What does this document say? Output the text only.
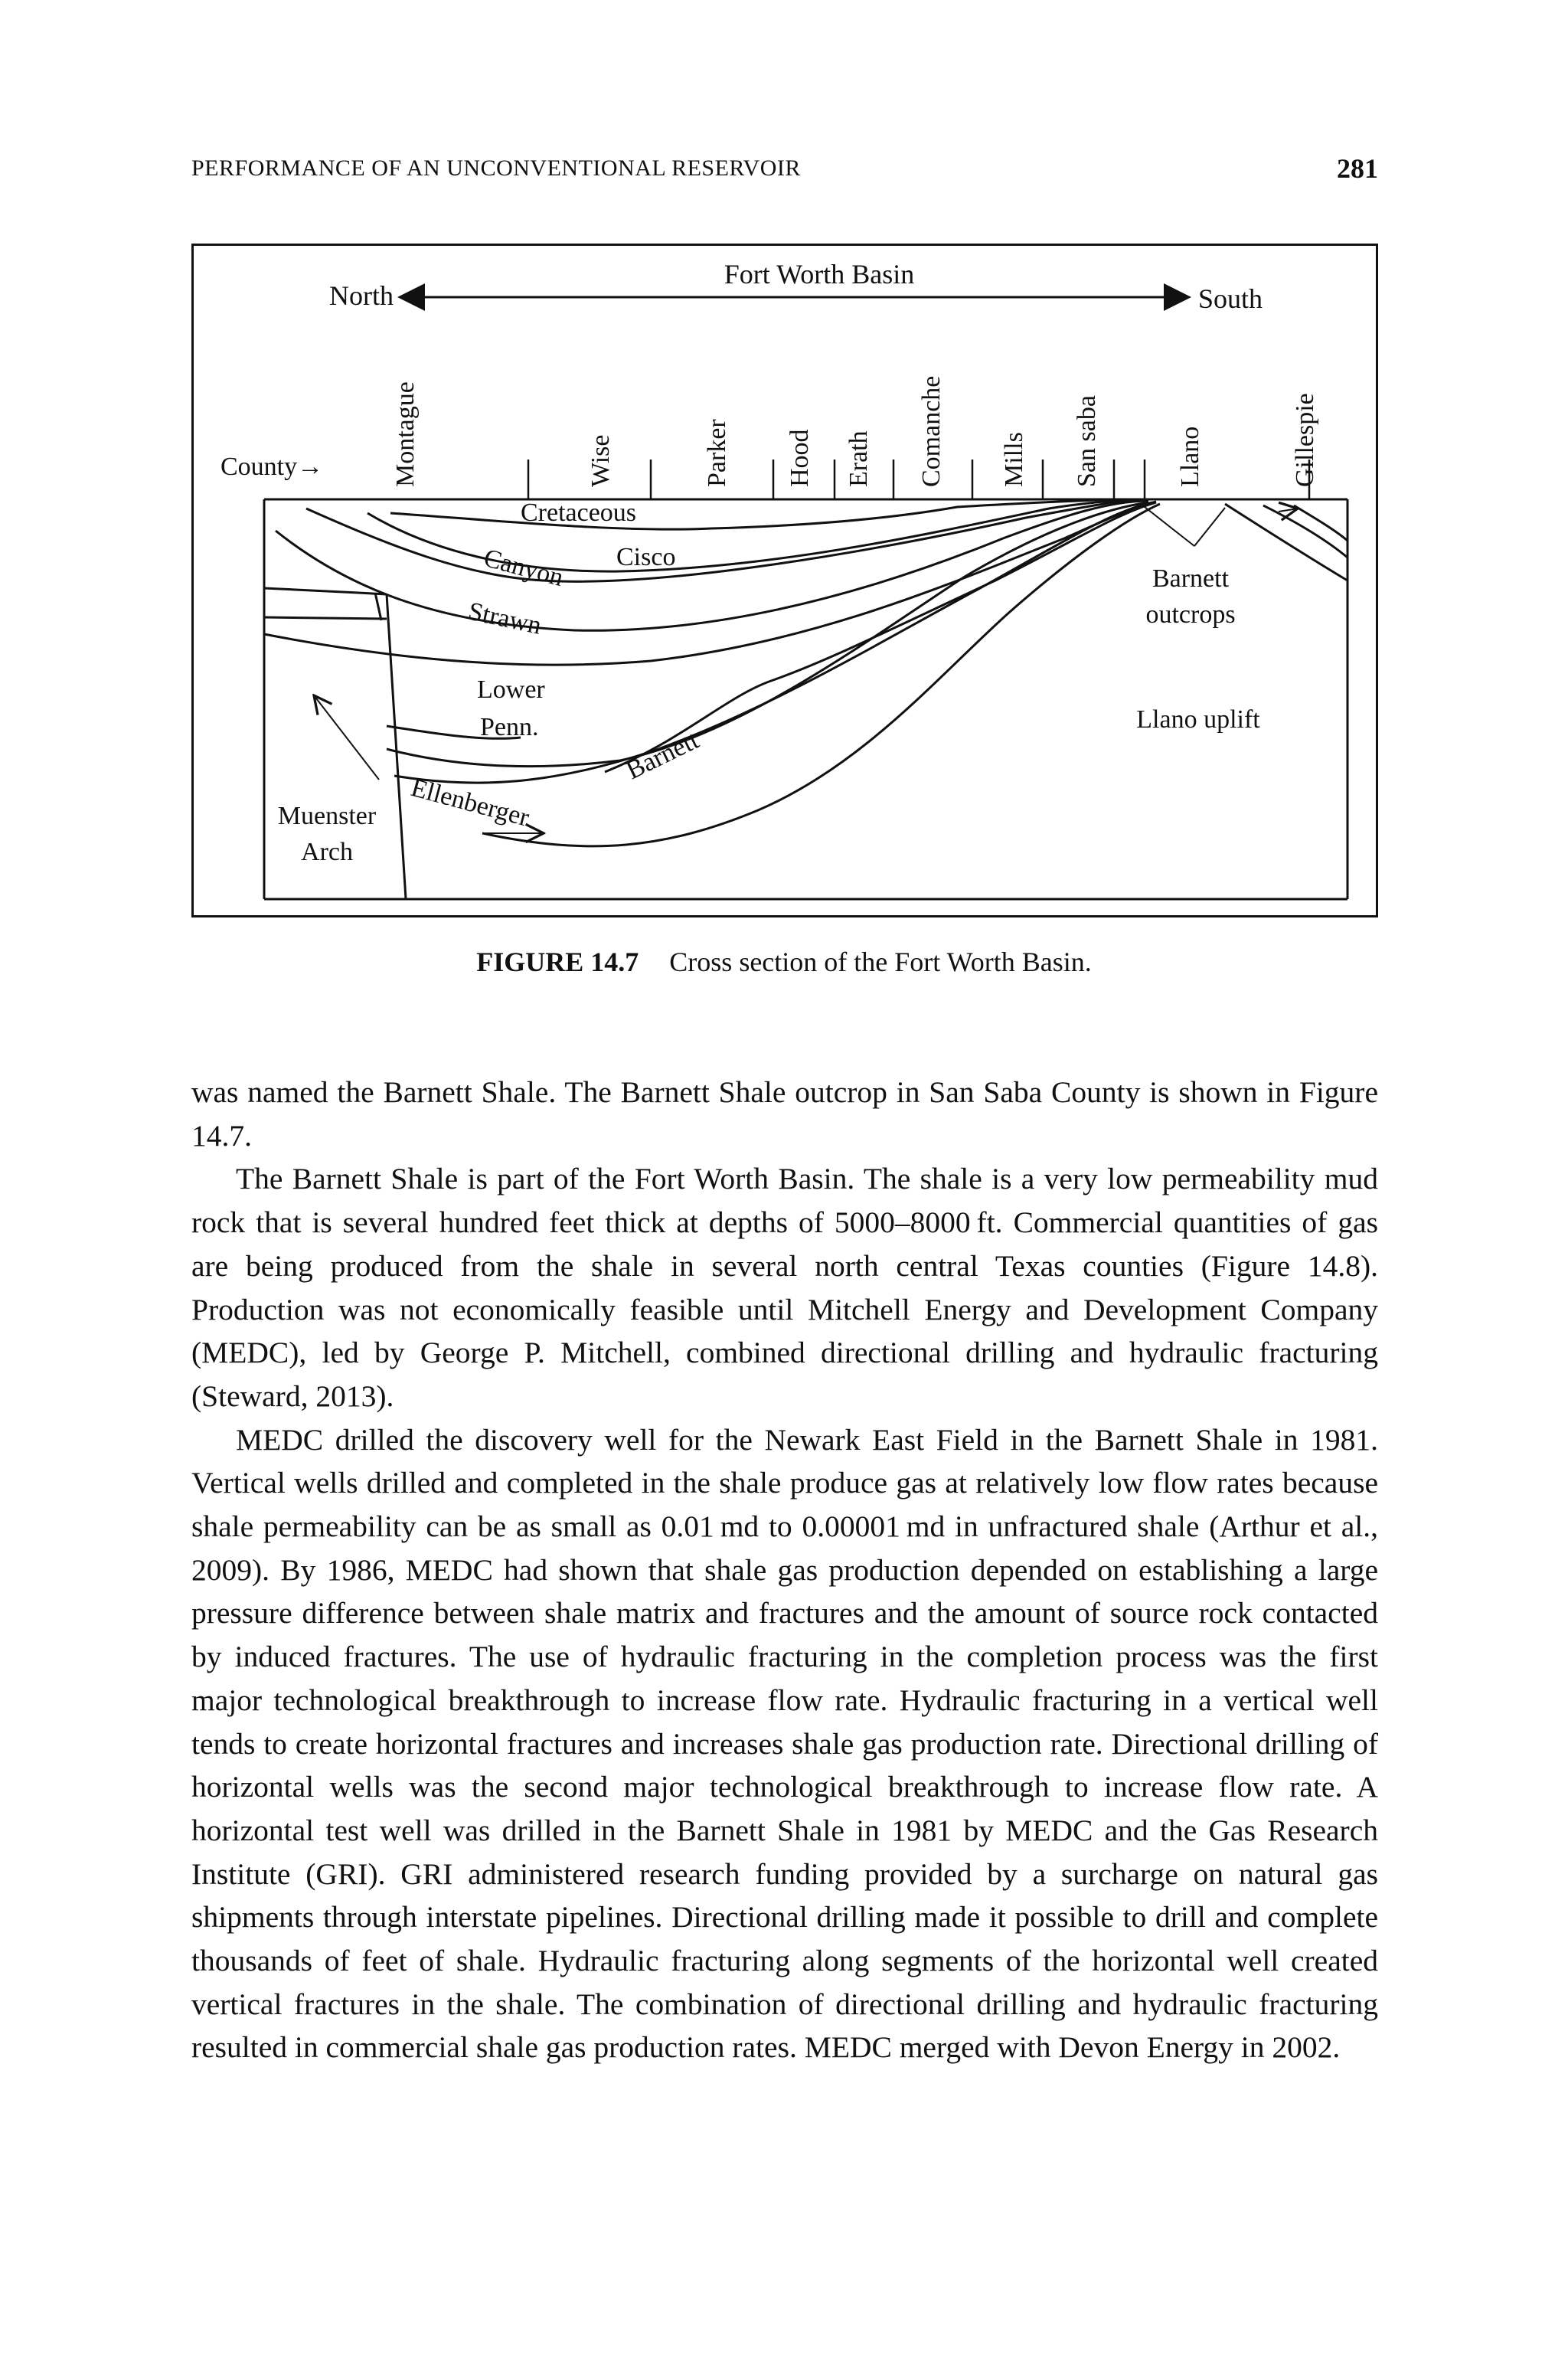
PERFORMANCE OF AN UNCONVENTIONAL RESERVOIR	281
Fort Worth Basin
North	South
County→	Montague	Wise	Parker Hood Erath Comanche Mills San saba	Llano	Gillespie
Cretaceous
Canyon Cisco
Strawn
Lower
Penn.	Barnett
Ellenberger
Barnett
outcrops
Llano uplift
Muenster
Arch
FIGURE 14.7 Cross section of the Fort Worth Basin.

was named the Barnett Shale. The Barnett Shale outcrop in San Saba County is shown in Figure 14.7.

The Barnett Shale is part of the Fort Worth Basin. The shale is a very low permeability mud rock that is several hundred feet thick at depths of 5000–8000 ft. Commercial quantities of gas are being produced from the shale in several north central Texas counties (Figure 14.8). Production was not economically feasible until Mitchell Energy and Development Company (MEDC), led by George P. Mitchell, combined directional drilling and hydraulic fracturing (Steward, 2013).

MEDC drilled the discovery well for the Newark East Field in the Barnett Shale in 1981. Vertical wells drilled and completed in the shale produce gas at relatively low flow rates because shale permeability can be as small as 0.01 md to 0.00001 md in unfractured shale (Arthur et al., 2009). By 1986, MEDC had shown that shale gas production depended on establishing a large pressure difference between shale matrix and fractures and the amount of source rock contacted by induced fractures. The use of hydraulic fracturing in the completion process was the first major technological breakthrough to increase flow rate. Hydraulic fracturing in a vertical well tends to create horizontal fractures and increases shale gas production rate. Directional drilling of horizontal wells was the second major technological breakthrough to increase flow rate. A horizontal test well was drilled in the Barnett Shale in 1981 by MEDC and the Gas Research Institute (GRI). GRI administered research funding provided by a surcharge on natural gas shipments through interstate pipelines. Directional drilling made it possible to drill and complete thousands of feet of shale. Hydraulic fracturing along segments of the horizontal well created vertical fractures in the shale. The combination of directional drilling and hydraulic fracturing resulted in commercial shale gas production rates. MEDC merged with Devon Energy in 2002.
